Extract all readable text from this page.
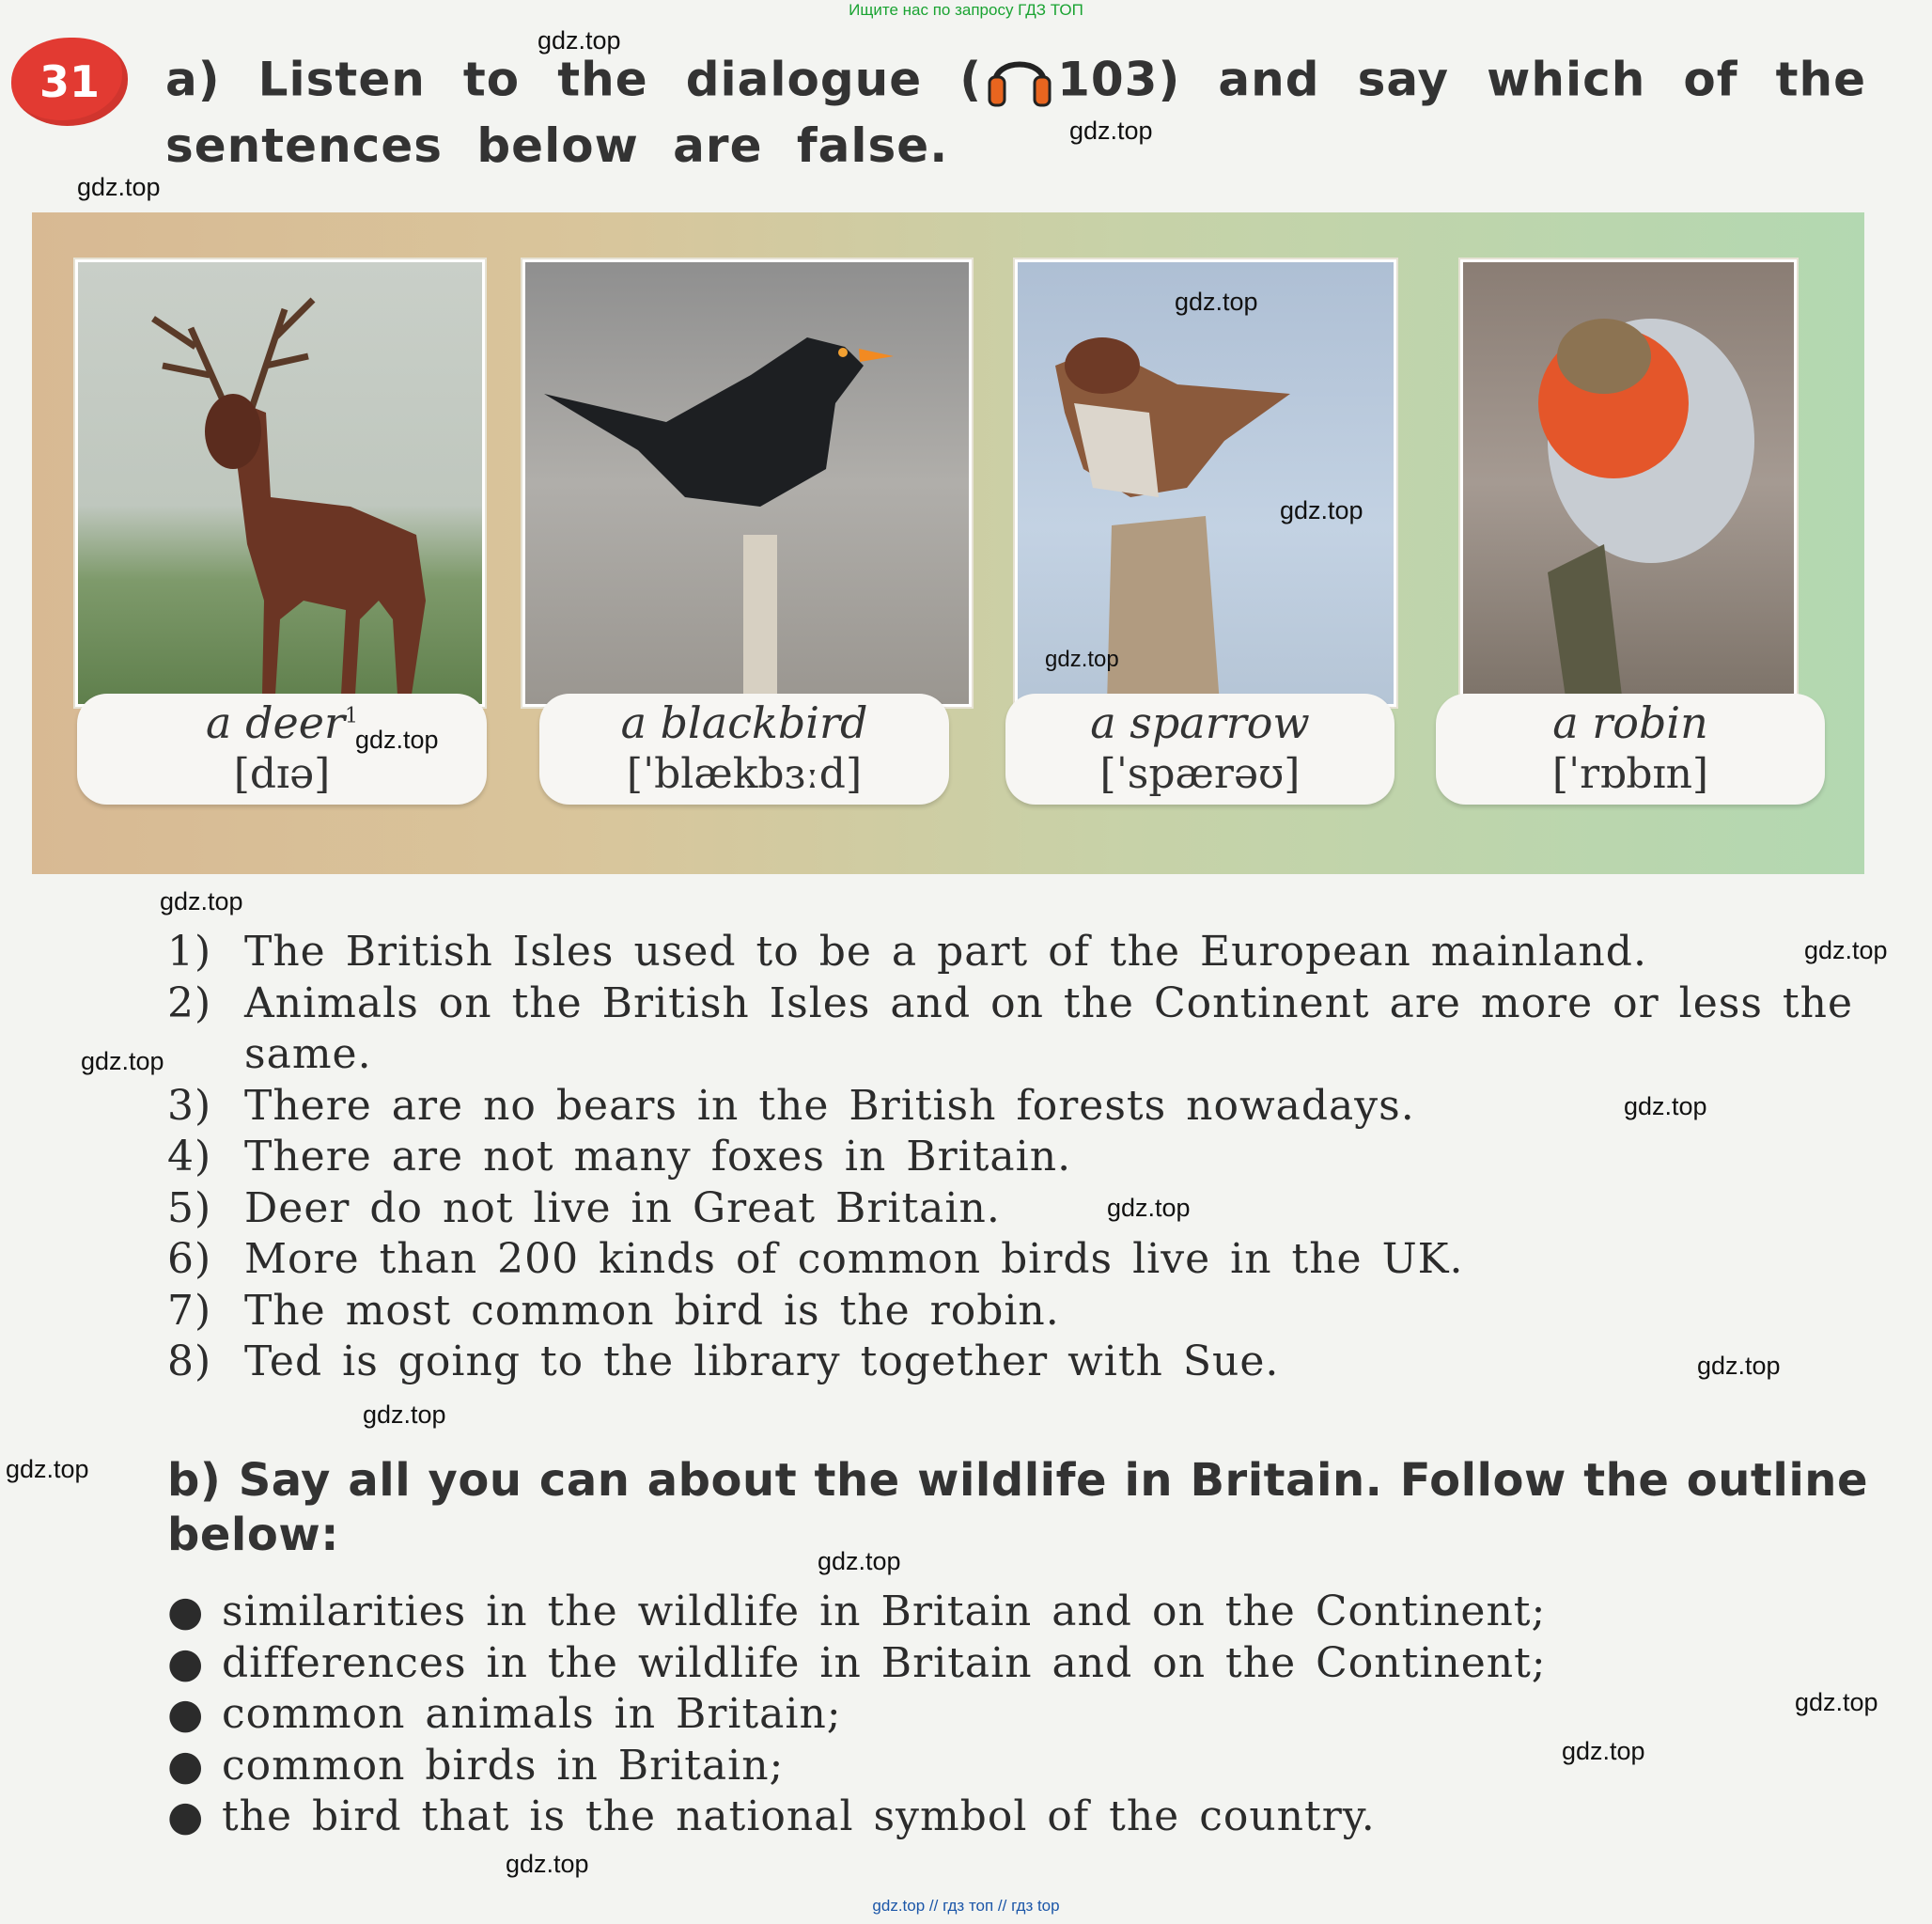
Ищите нас по запросу ГДЗ ТОП
31	a) Listen to the dialogue ( 103) and say which of the sentences below are false.
a deer$^1$
[dɪə]
a blackbird
[ˈblækbɜːd]
a sparrow
[ˈspærəʊ]
a robin
[ˈrɒbɪn]
1) The British Isles used to be a part of the European mainland.
2) Animals on the British Isles and on the Continent are more or less the same.
3) There are no bears in the British forests nowadays.
4) There are not many foxes in Britain.
5) Deer do not live in Great Britain.
6) More than 200 kinds of common birds live in the UK.
7) The most common bird is the robin.
8) Ted is going to the library together with Sue.
b) Say all you can about the wildlife in Britain. Follow the outline below:
● similarities in the wildlife in Britain and on the Continent;
● differences in the wildlife in Britain and on the Continent;
● common animals in Britain;
● common birds in Britain;
● the bird that is the national symbol of the country.
gdz.top
gdz.top
gdz.top
gdz.top
gdz.top
gdz.top
gdz.top
gdz.top
gdz.top
gdz.top
gdz.top
gdz.top
gdz.top
gdz.top
gdz.top
gdz.top
gdz.top
gdz.top
gdz.top
gdz.top // гдз топ // гдз top
